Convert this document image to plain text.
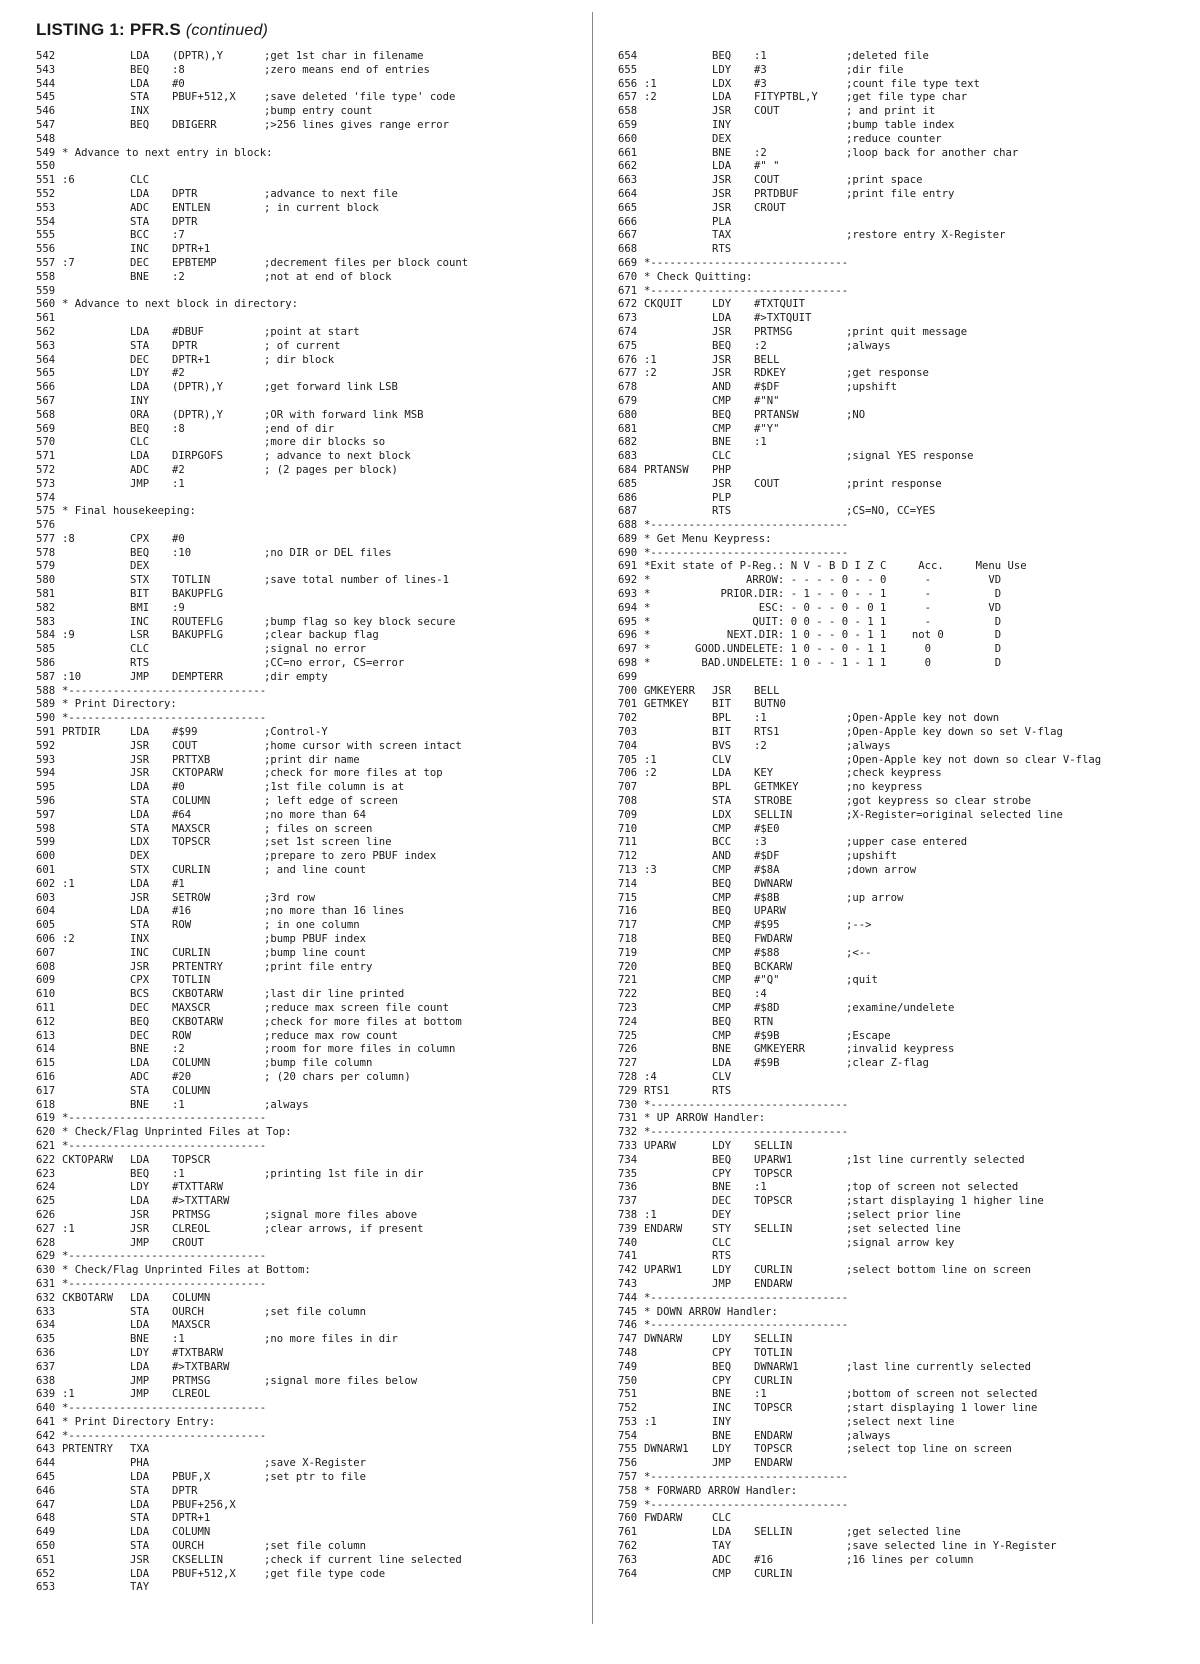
LISTING 1: PFR.S (continued)
542	LDA (DPTR),Y	;get 1st char in filename
543	BEQ :8	;zero means end of entries
544	LDA #0
545	STA PBUF+512,X	;save deleted 'file type' code
546	INX	;bump entry count
547	BEQ DBIGERR	;>256 lines gives range error
548
549 * Advance to next entry in block:
550
551 :6	CLC
552	LDA DPTR	;advance to next file
553	ADC ENTLEN	; in current block
554	STA DPTR
555	BCC :7
556	INC DPTR+1
557 :7	DEC EPBTEMP	;decrement files per block count
558	BNE :2	;not at end of block
559
560 * Advance to next block in directory:
561
562	LDA #DBUF	;point at start
563	STA DPTR	; of current
564	DEC DPTR+1	; dir block
565	LDY #2
566	LDA (DPTR),Y	;get forward link LSB
567	INY
568	ORA (DPTR),Y	;OR with forward link MSB
569	BEQ :8	;end of dir
570	CLC	;more dir blocks so
571	LDA DIRPGOFS	; advance to next block
572	ADC #2	; (2 pages per block)
573	JMP :1
574
575 * Final housekeeping:
576
577 :8	CPX #0
578	BEQ :10	;no DIR or DEL files
579	DEX
580	STX TOTLIN	;save total number of lines-1
581	BIT BAKUPFLG
582	BMI :9
583	INC ROUTEFLG	;bump flag so key block secure
584 :9	LSR BAKUPFLG	;clear backup flag
585	CLC	;signal no error
586	RTS	;CC=no error, CS=error
587 :10	JMP DEMPTERR	;dir empty
588 *-------------------------------
589 * Print Directory:
590 *-------------------------------
591 PRTDIR	LDA #$99	;Control-Y
592	JSR COUT	;home cursor with screen intact
593	JSR PRTTXB	;print dir name
594	JSR CKTOPARW	;check for more files at top
595	LDA #0	;1st file column is at
596	STA COLUMN	; left edge of screen
597	LDA #64	;no more than 64
598	STA MAXSCR	; files on screen
599	LDX TOPSCR	;set 1st screen line
600	DEX	;prepare to zero PBUF index
601	STX CURLIN	; and line count
602 :1	LDA #1
603	JSR SETROW	;3rd row
604	LDA #16	;no more than 16 lines
605	STA ROW	; in one column
606 :2	INX	;bump PBUF index
607	INC CURLIN	;bump line count
608	JSR PRTENTRY	;print file entry
609	CPX TOTLIN
610	BCS CKBOTARW	;last dir line printed
611	DEC MAXSCR	;reduce max screen file count
612	BEQ CKBOTARW	;check for more files at bottom
613	DEC ROW	;reduce max row count
614	BNE :2	;room for more files in column
615	LDA COLUMN	;bump file column
616	ADC #20	; (20 chars per column)
617	STA COLUMN
618	BNE :1	;always
619 *-------------------------------
620 * Check/Flag Unprinted Files at Top:
621 *-------------------------------
622 CKTOPARW LDA TOPSCR
623	BEQ :1	;printing 1st file in dir
624	LDY #TXTTARW
625	LDA #>TXTTARW
626	JSR PRTMSG	;signal more files above
627 :1	JSR CLREOL	;clear arrows, if present
628	JMP CROUT
629 *-------------------------------
630 * Check/Flag Unprinted Files at Bottom:
631 *-------------------------------
632 CKBOTARW LDA COLUMN
633	STA OURCH	;set file column
634	LDA MAXSCR
635	BNE :1	;no more files in dir
636	LDY #TXTBARW
637	LDA #>TXTBARW
638	JMP PRTMSG	;signal more files below
639 :1	JMP CLREOL
640 *-------------------------------
641 * Print Directory Entry:
642 *-------------------------------
643 PRTENTRY TXA
644	PHA	;save X-Register
645	LDA PBUF,X	;set ptr to file
646	STA DPTR
647	LDA PBUF+256,X
648	STA DPTR+1
649	LDA COLUMN
650	STA OURCH	;set file column
651	JSR CKSELLIN	;check if current line selected
652	LDA PBUF+512,X	;get file type code
653	TAY
654	BEQ :1	;deleted file
655	LDY #3	;dir file
656 :1	LDX #3	;count file type text
657 :2	LDA FITYPTBL,Y	;get file type char
658	JSR COUT	; and print it
659	INY	;bump table index
660	DEX	;reduce counter
661	BNE :2	;loop back for another char
662	LDA #" "
663	JSR COUT	;print space
664	JSR PRTDBUF	;print file entry
665	JSR CROUT
666	PLA
667	TAX	;restore entry X-Register
668	RTS
669 *-------------------------------
670 * Check Quitting:
671 *-------------------------------
672 CKQUIT	LDY #TXTQUIT
673	LDA #>TXTQUIT
674	JSR PRTMSG	;print quit message
675	BEQ :2	;always
676 :1	JSR BELL
677 :2	JSR RDKEY	;get response
678	AND #$DF	;upshift
679	CMP #"N"
680	BEQ PRTANSW	;NO
681	CMP #"Y"
682	BNE :1
683	CLC	;signal YES response
684 PRTANSW PHP
685	JSR COUT	;print response
686	PLP
687	RTS	;CS=NO, CC=YES
688 *-------------------------------
689 * Get Menu Keypress:
690 *-------------------------------
691 *Exit state of P-Reg.: N V - B D I Z C     Acc.     Menu Use
692 *               ARROW: - - - - 0 - - 0      -         VD
693 *           PRIOR.DIR: - 1 - - 0 - - 1      -          D
694 *                 ESC: - 0 - - 0 - 0 1      -         VD
695 *                QUIT: 0 0 - - 0 - 1 1      -          D
696 *            NEXT.DIR: 1 0 - - 0 - 1 1    not 0        D
697 *       GOOD.UNDELETE: 1 0 - - 0 - 1 1      0          D
698 *        BAD.UNDELETE: 1 0 - - 1 - 1 1      0          D
699
700 GMKEYERR JSR BELL
701 GETMKEY BIT BUTN0
702	BPL :1	;Open-Apple key not down
703	BIT RTS1	;Open-Apple key down so set V-flag
704	BVS :2	;always
705 :1	CLV	;Open-Apple key not down so clear V-flag
706 :2	LDA KEY	;check keypress
707	BPL GETMKEY	;no keypress
708	STA STROBE	;got keypress so clear strobe
709	LDX SELLIN	;X-Register=original selected line
710	CMP #$E0
711	BCC :3	;upper case entered
712	AND #$DF	;upshift
713 :3	CMP #$8A	;down arrow
714	BEQ DWNARW
715	CMP #$8B	;up arrow
716	BEQ UPARW
717	CMP #$95	;-->
718	BEQ FWDARW
719	CMP #$88	;<--
720	BEQ BCKARW
721	CMP #"Q"	;quit
722	BEQ :4
723	CMP #$8D	;examine/undelete
724	BEQ RTN
725	CMP #$9B	;Escape
726	BNE GMKEYERR	;invalid keypress
727	LDA #$9B	;clear Z-flag
728 :4	CLV
729 RTS1	RTS
730 *-------------------------------
731 * UP ARROW Handler:
732 *-------------------------------
733 UPARW	LDY SELLIN
734	BEQ UPARW1	;1st line currently selected
735	CPY TOPSCR
736	BNE :1	;top of screen not selected
737	DEC TOPSCR	;start displaying 1 higher line
738 :1	DEY	;select prior line
739 ENDARW	STY SELLIN	;set selected line
740	CLC	;signal arrow key
741	RTS
742 UPARW1	LDY CURLIN	;select bottom line on screen
743	JMP ENDARW
744 *-------------------------------
745 * DOWN ARROW Handler:
746 *-------------------------------
747 DWNARW	LDY SELLIN
748	CPY TOTLIN
749	BEQ DWNARW1	;last line currently selected
750	CPY CURLIN
751	BNE :1	;bottom of screen not selected
752	INC TOPSCR	;start displaying 1 lower line
753 :1	INY	;select next line
754	BNE ENDARW	;always
755 DWNARW1 LDY TOPSCR	;select top line on screen
756	JMP ENDARW
757 *-------------------------------
758 * FORWARD ARROW Handler:
759 *-------------------------------
760 FWDARW	CLC
761	LDA SELLIN	;get selected line
762	TAY	;save selected line in Y-Register
763	ADC #16	;16 lines per column
764	CMP CURLIN
